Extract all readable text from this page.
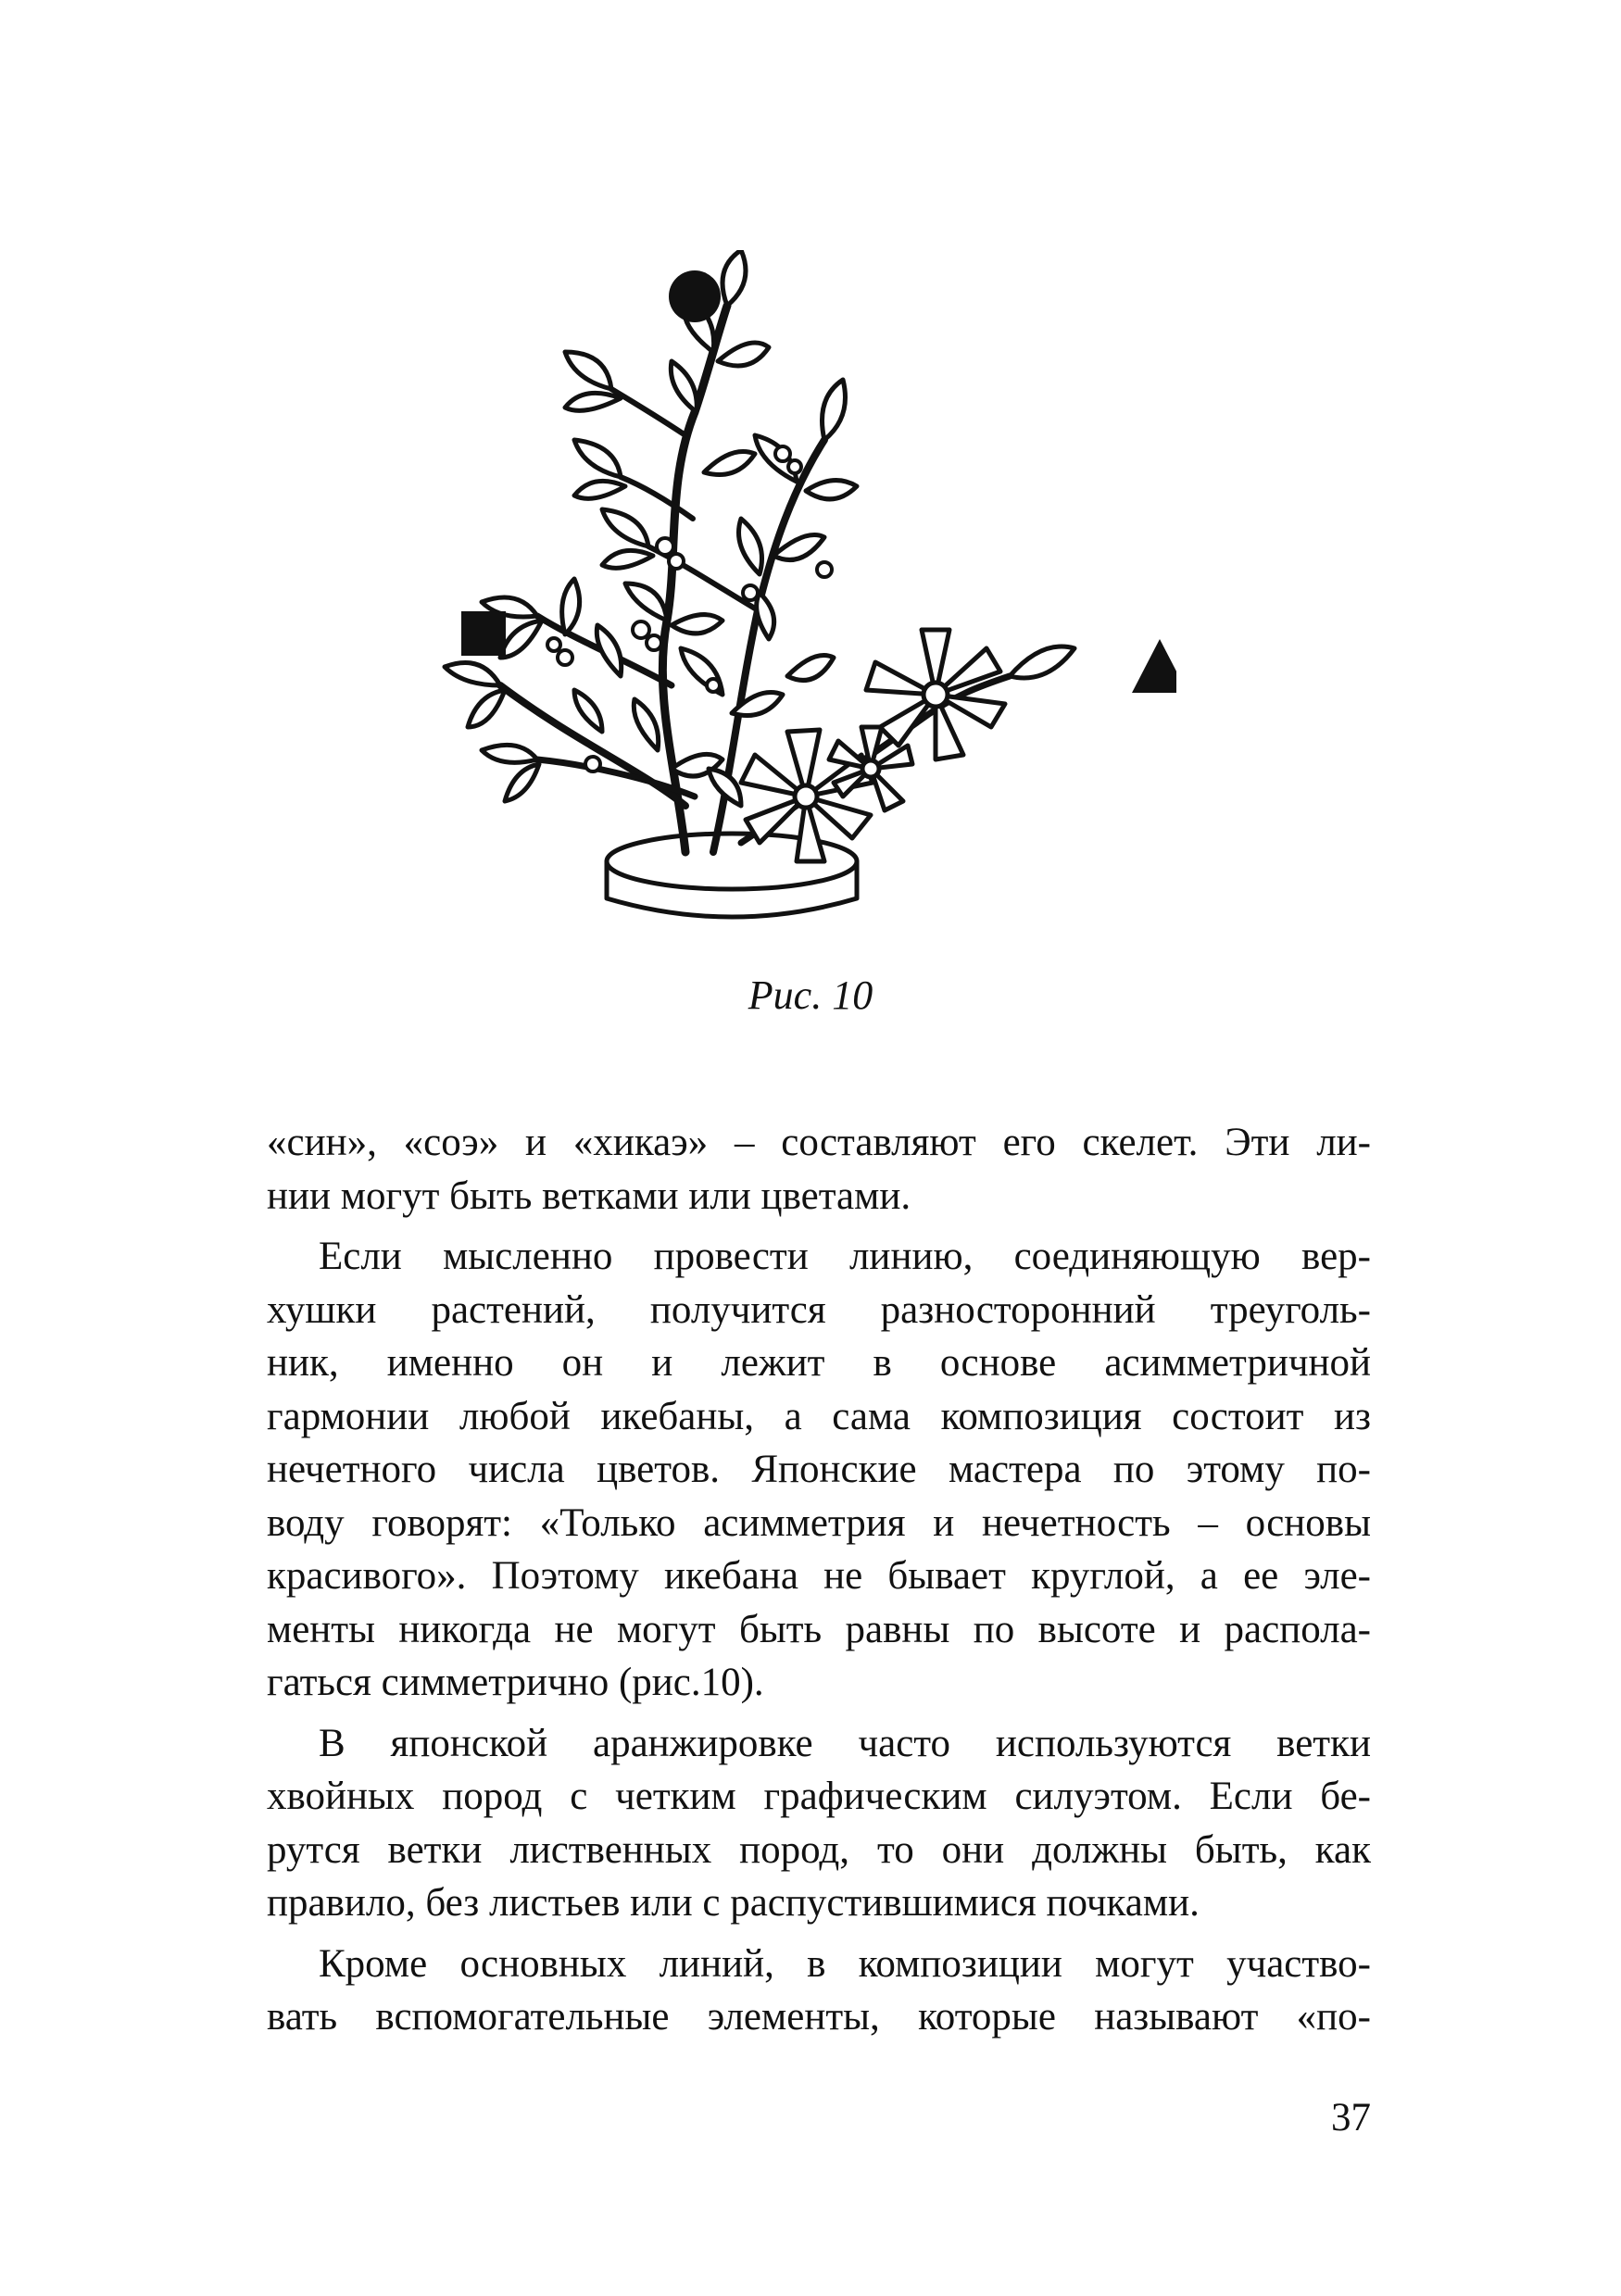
Рис. 10

«син», «соэ» и «хикаэ» – составляют его скелет. Эти ли-

нии могут быть ветками или цветами.

Если мысленно провести линию, соединяющую вер-

хушки растений, получится разносторонний треуголь-

ник, именно он и лежит в основе асимметричной

гармонии любой икебаны, а сама композиция состоит из

нечетного числа цветов. Японские мастера по этому по-

воду говорят: «Только асимметрия и нечетность – основы

красивого». Поэтому икебана не бывает круглой, а ее эле-

менты никогда не могут быть равны по высоте и распола-

гаться симметрично (рис.10).

В японской аранжировке часто используются ветки

хвойных пород с четким графическим силуэтом. Если бе-

рутся ветки лиственных пород, то они должны быть, как

правило, без листьев или с распустившимися почками.

Кроме основных линий, в композиции могут участво-

вать вспомогательные элементы, которые называют «по-

37
